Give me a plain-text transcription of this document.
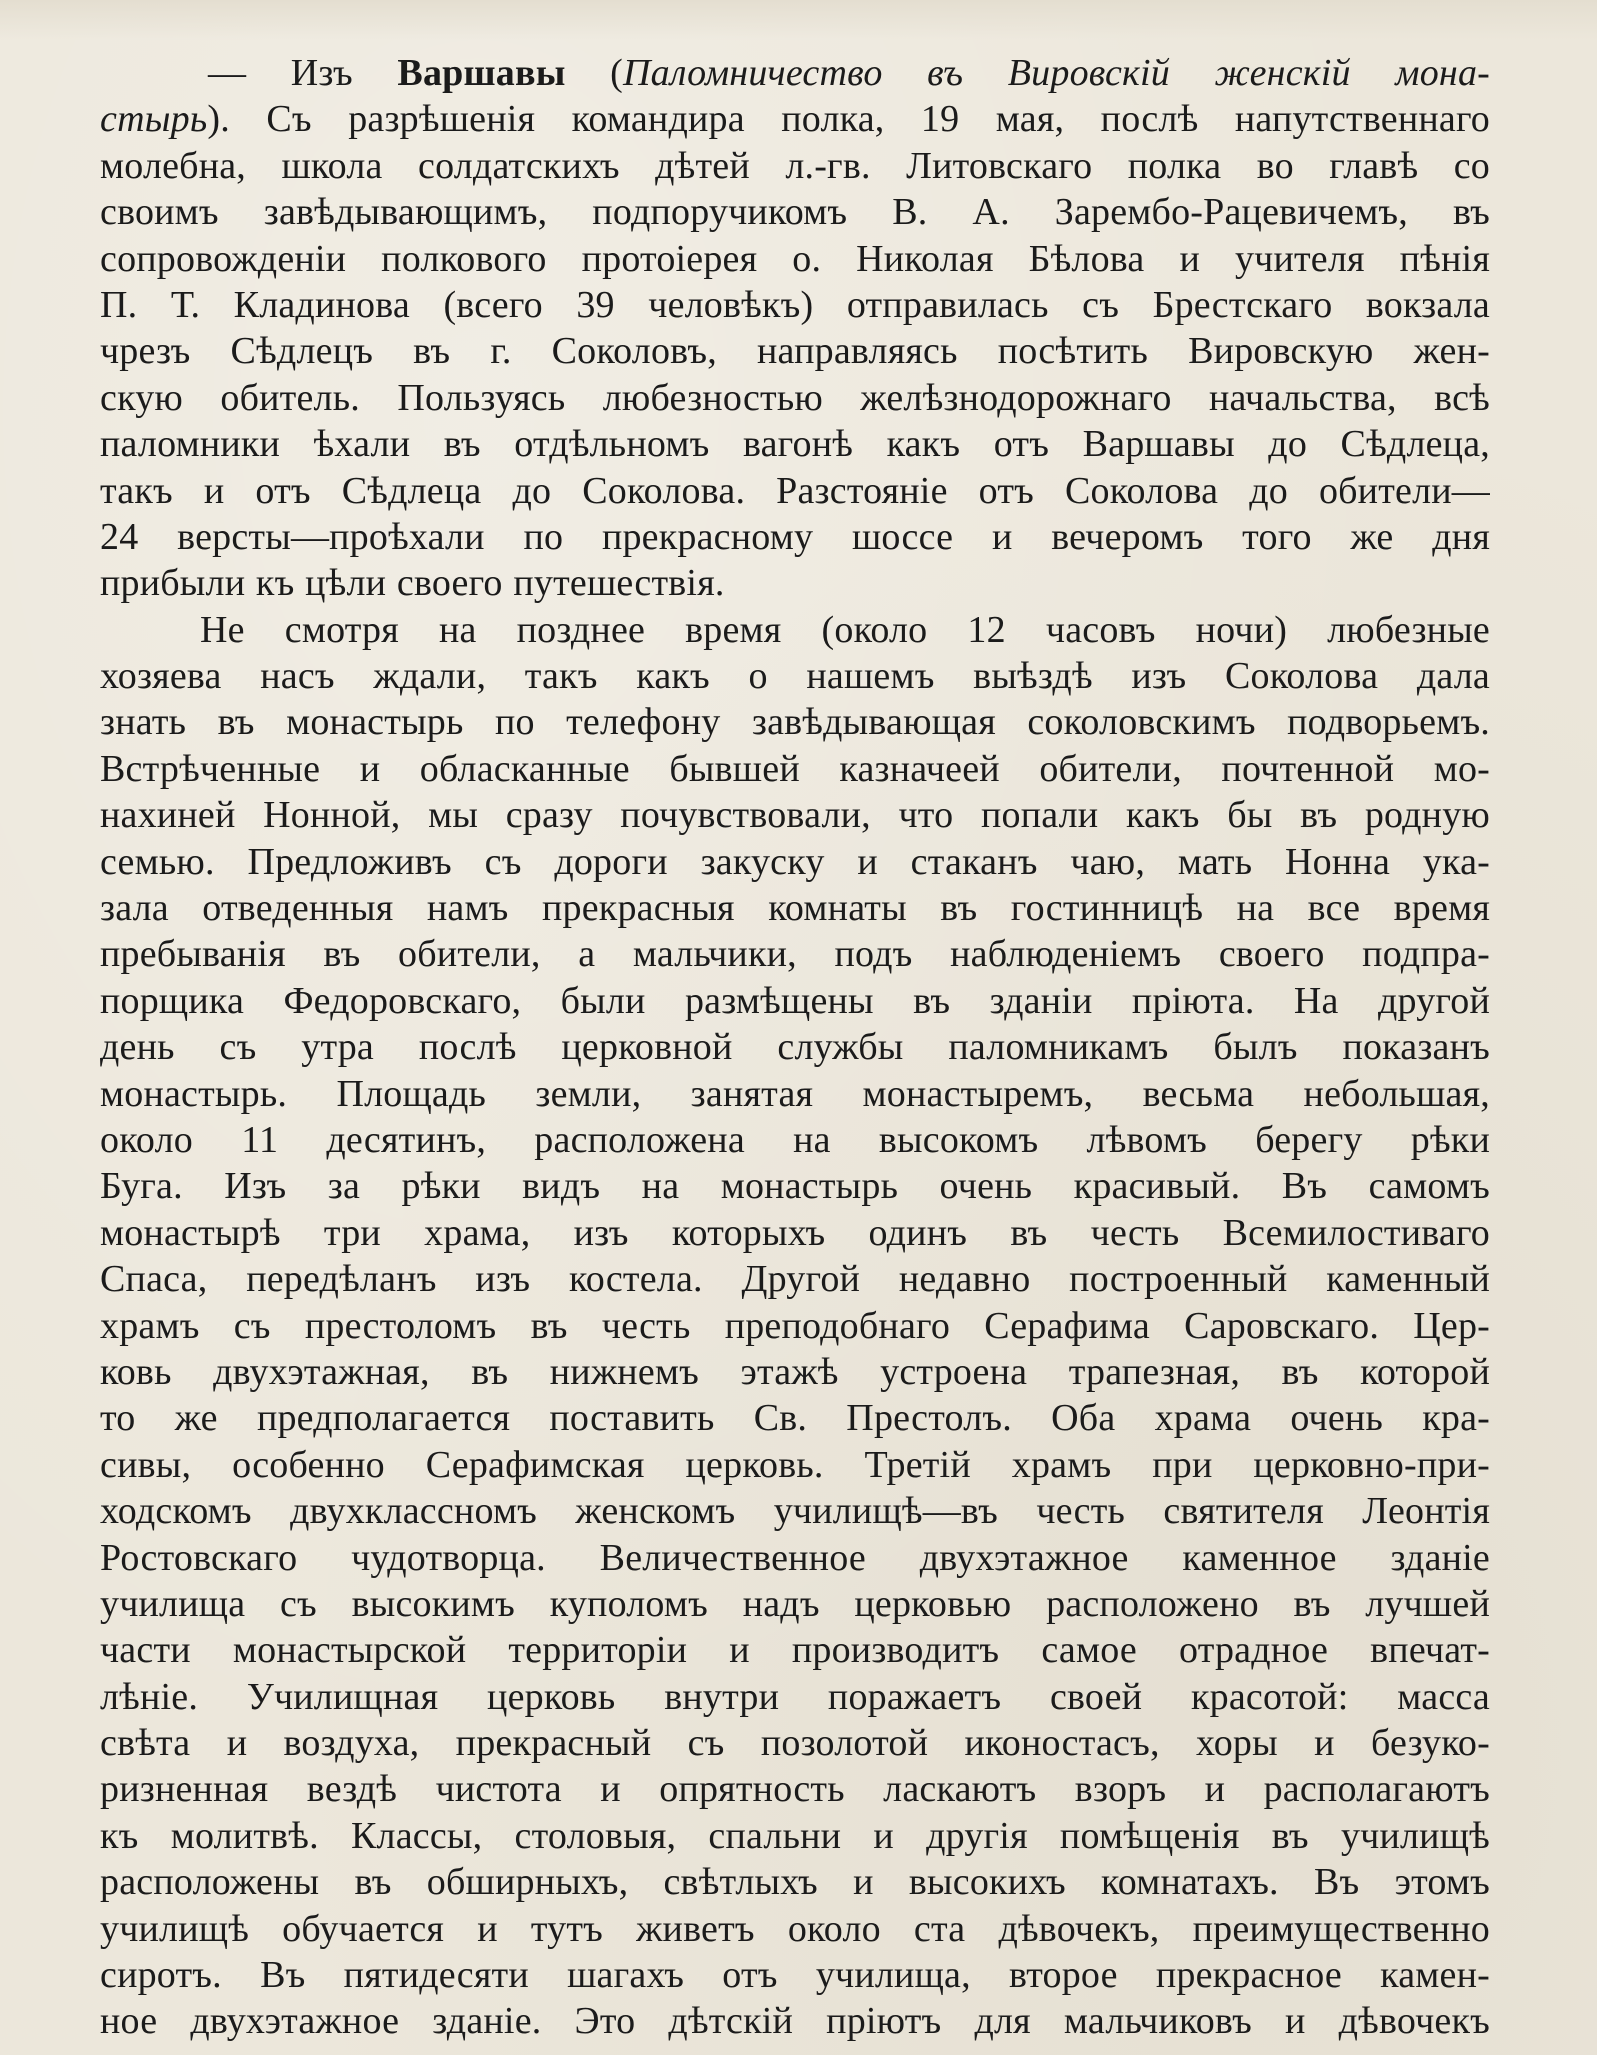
— Изъ Варшавы (Паломничество въ Вировскій женскій мона-
стырь). Съ разрѣшенія командира полка, 19 мая, послѣ напутственнаго
молебна, школа солдатскихъ дѣтей л.-гв. Литовскаго полка во главѣ со
своимъ завѣдывающимъ, подпоручикомъ В. А. Зарембо-Рацевичемъ, въ
сопровожденіи полкового протоіерея о. Николая Бѣлова и учителя пѣнія
П. Т. Кладинова (всего 39 человѣкъ) отправилась съ Брестскаго вокзала
чрезъ Сѣдлецъ въ г. Соколовъ, направляясь посѣтить Вировскую жен-
скую обитель. Пользуясь любезностью желѣзнодорожнаго начальства, всѣ
паломники ѣхали въ отдѣльномъ вагонѣ какъ отъ Варшавы до Сѣдлеца,
такъ и отъ Сѣдлеца до Соколова. Разстояніе отъ Соколова до обители—
24 версты—проѣхали по прекрасному шоссе и вечеромъ того же дня
прибыли къ цѣли своего путешествія.
Не смотря на позднее время (около 12 часовъ ночи) любезные
хозяева насъ ждали, такъ какъ о нашемъ выѣздѣ изъ Соколова дала
знать въ монастырь по телефону завѣдывающая соколовскимъ подворьемъ.
Встрѣченные и обласканные бывшей казначеей обители, почтенной мо-
нахиней Нонной, мы сразу почувствовали, что попали какъ бы въ родную
семью. Предложивъ съ дороги закуску и стаканъ чаю, мать Нонна ука-
зала отведенныя намъ прекрасныя комнаты въ гостинницѣ на все время
пребыванія въ обители, а мальчики, подъ наблюденіемъ своего подпра-
порщика Федоровскаго, были размѣщены въ зданіи пріюта. На другой
день съ утра послѣ церковной службы паломникамъ былъ показанъ
монастырь. Площадь земли, занятая монастыремъ, весьма небольшая,
около 11 десятинъ, расположена на высокомъ лѣвомъ берегу рѣки
Буга. Изъ за рѣки видъ на монастырь очень красивый. Въ самомъ
монастырѣ три храма, изъ которыхъ одинъ въ честь Всемилостиваго
Спаса, передѣланъ изъ костела. Другой недавно построенный каменный
храмъ съ престоломъ въ честь преподобнаго Серафима Саровскаго. Цер-
ковь двухэтажная, въ нижнемъ этажѣ устроена трапезная, въ которой
то же предполагается поставить Св. Престолъ. Оба храма очень кра-
сивы, особенно Серафимская церковь. Третій храмъ при церковно-при-
ходскомъ двухклассномъ женскомъ училищѣ—въ честь святителя Леонтія
Ростовскаго чудотворца. Величественное двухэтажное каменное зданіе
училища съ высокимъ куполомъ надъ церковью расположено въ лучшей
части монастырской территоріи и производитъ самое отрадное впечат-
лѣніе. Училищная церковь внутри поражаетъ своей красотой: масса
свѣта и воздуха, прекрасный съ позолотой иконостасъ, хоры и безуко-
ризненная вездѣ чистота и опрятность ласкаютъ взоръ и располагаютъ
къ молитвѣ. Классы, столовыя, спальни и другія помѣщенія въ училищѣ
расположены въ обширныхъ, свѣтлыхъ и высокихъ комнатахъ. Въ этомъ
училищѣ обучается и тутъ живетъ около ста дѣвочекъ, преимущественно
сиротъ. Въ пятидесяти шагахъ отъ училища, второе прекрасное камен-
ное двухэтажное зданіе. Это дѣтскій пріютъ для мальчиковъ и дѣвочекъ
